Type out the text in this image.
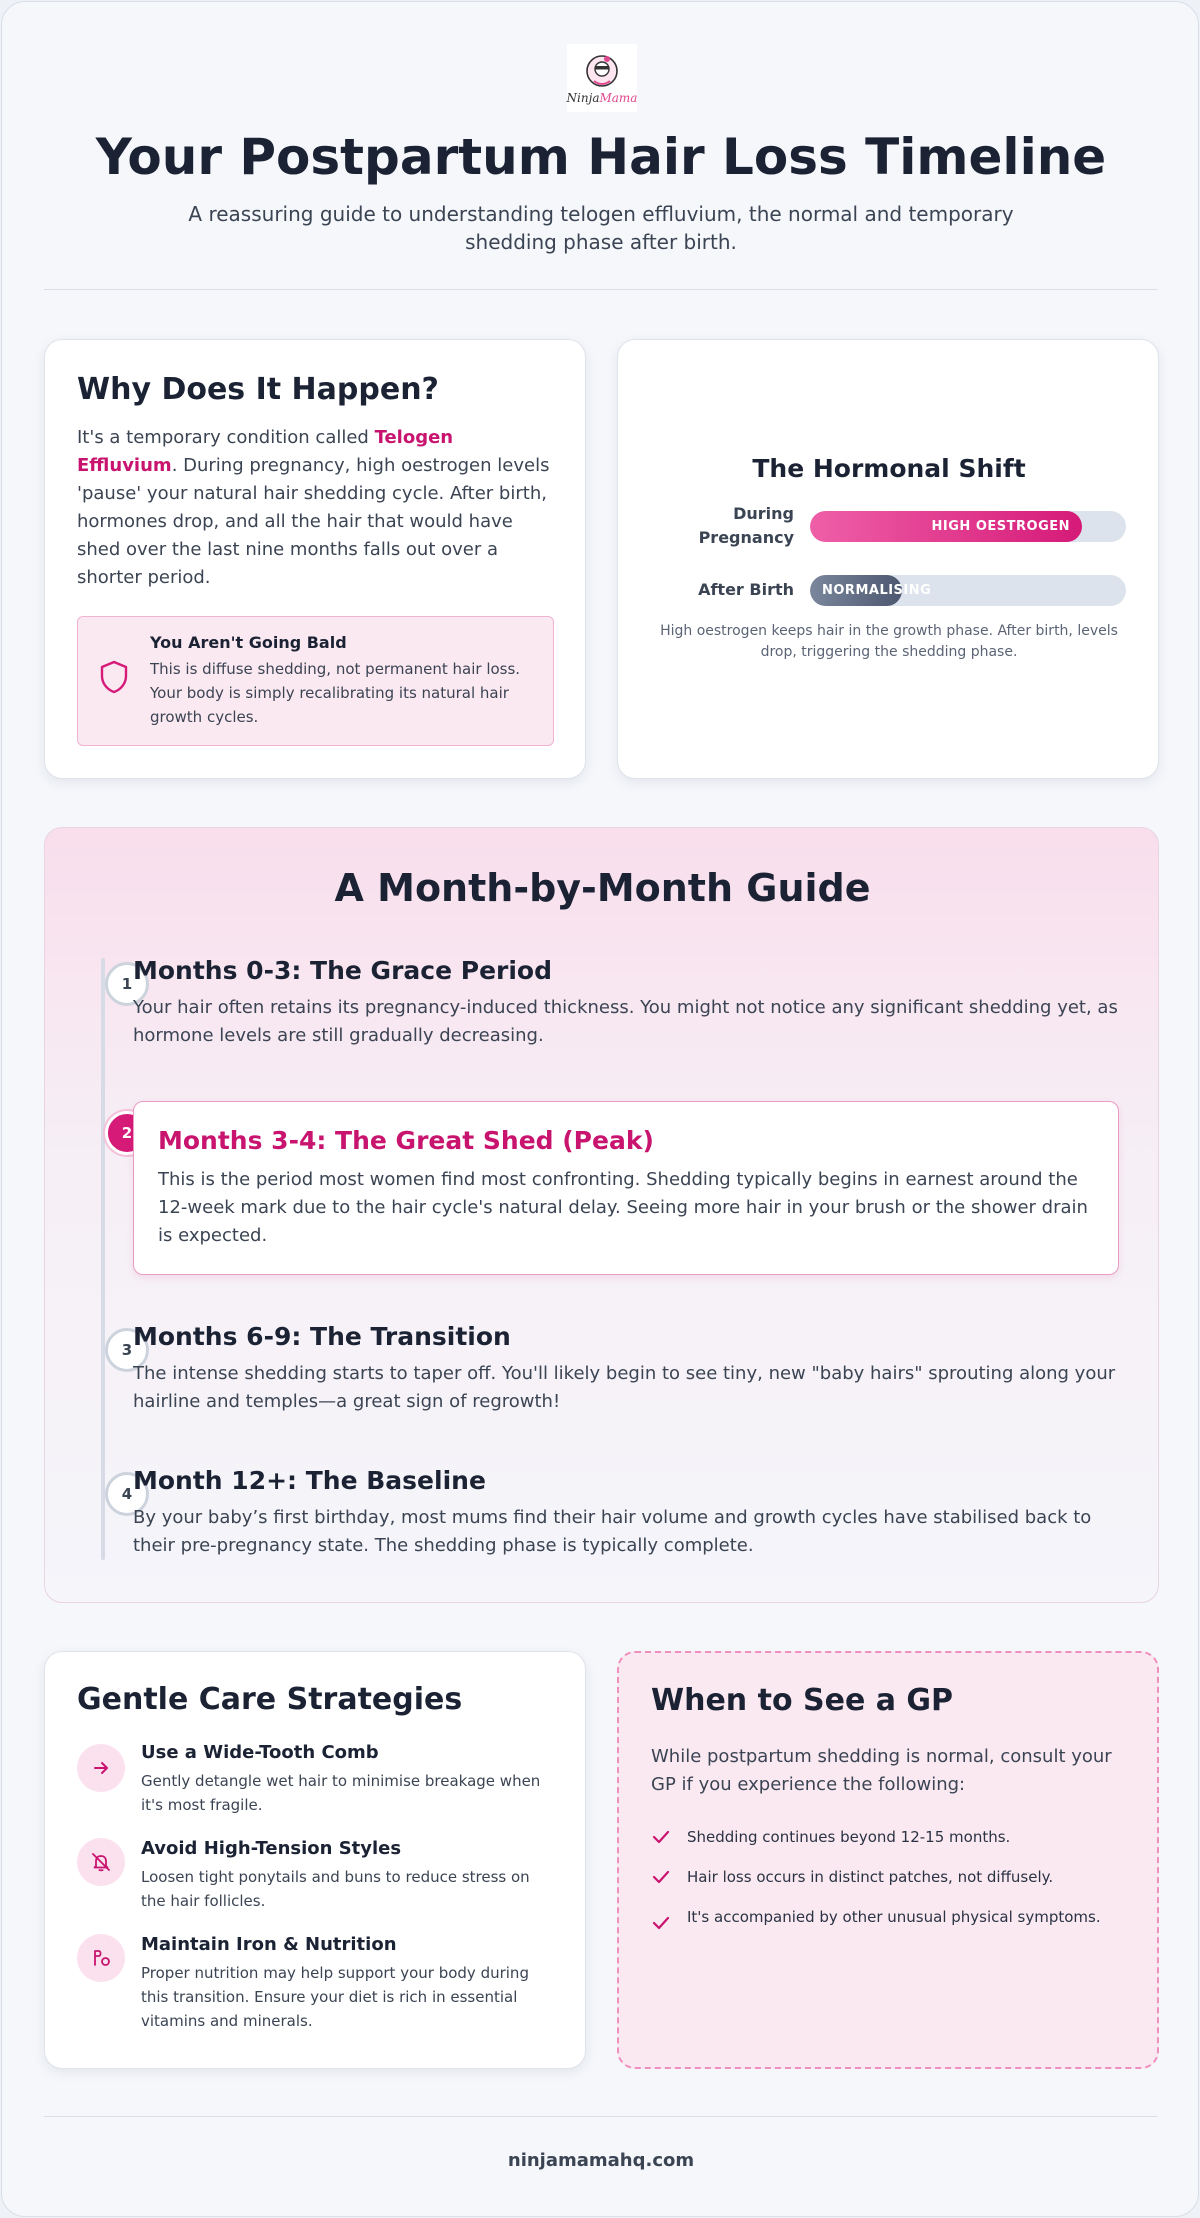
NinjaMama
Your Postpartum Hair Loss Timeline

A reassuring guide to understanding telogen effluvium, the normal and temporary shedding phase after birth.

Why Does It Happen?

It's a temporary condition called Telogen Effluvium. During pregnancy, high oestrogen levels 'pause' your natural hair shedding cycle. After birth, hormones drop, and all the hair that would have shed over the last nine months falls out over a shorter period.

You Aren't Going Bald
This is diffuse shedding, not permanent hair loss. Your body is simply recalibrating its natural hair growth cycles.
The Hormonal Shift
During Pregnancy
HIGH OESTROGEN
After Birth NORMALISING

High oestrogen keeps hair in the growth phase. After birth, levels drop, triggering the shedding phase.

A Month-by-Month Guide
1 Months 0-3: The Grace Period
Your hair often retains its pregnancy-induced thickness. You might not notice any significant shedding yet, as hormone levels are still gradually decreasing.
2	Months 3-4: The Great Shed (Peak)
This is the period most women find most confronting. Shedding typically begins in earnest around the 12-week mark due to the hair cycle's natural delay. Seeing more hair in your brush or the shower drain is expected.
3 Months 6-9: The Transition
The intense shedding starts to taper off. You'll likely begin to see tiny, new "baby hairs" sprouting along your hairline and temples—a great sign of regrowth!
4 Month 12+: The Baseline
By your baby’s first birthday, most mums find their hair volume and growth cycles have stabilised back to their pre-pregnancy state. The shedding phase is typically complete.
Gentle Care Strategies
Use a Wide-Tooth Comb
Gently detangle wet hair to minimise breakage when it's most fragile.
Avoid High-Tension Styles
Loosen tight ponytails and buns to reduce stress on the hair follicles.
Maintain Iron & Nutrition
Proper nutrition may help support your body during this transition. Ensure your diet is rich in essential vitamins and minerals.
When to See a GP

While postpartum shedding is normal, consult your GP if you experience the following:

Shedding continues beyond 12-15 months.
Hair loss occurs in distinct patches, not diffusely.
It's accompanied by other unusual physical symptoms.
ninjamamahq.com
